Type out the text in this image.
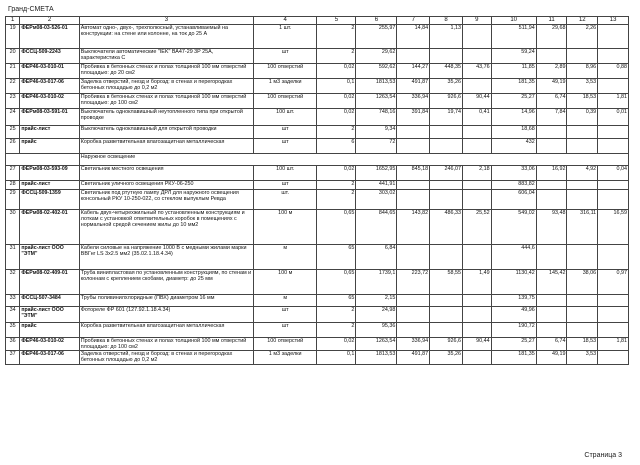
Гранд-СМЕТА
1	2	3	4	5	6	7	8	9	10	11	12	13
19	ФЕРм08-03-526-01	Автомат одно-, двух-, трехполюсный, устанавливаемый на конструкции: на стене или колонне, на ток до 25 А	1 шт.	2	255,97	14,84	1,13		511,94	29,68	2,26	
20	ФССЦ-509-2243	Выключатели автоматические "IEK" ВА47-29 3P 25А, характеристика С	шт	2	29,62				59,24			
21	ФЕР46-03-010-01	Пробивка в бетонных стенах и полах толщиной 100 мм отверстий площадью: до 20 см2	100 отверстий	0,02	592,62	144,27	448,35	43,76	11,85	2,89	8,96	0,88
22	ФЕР46-03-017-06	Заделка отверстий, гнезд и борозд: в стенах и перегородках бетонных площадью до 0,2 м2	1 м3 заделки	0,1	1813,53	491,87	35,26		181,35	49,19	3,53	
23	ФЕР46-03-010-02	Пробивка в бетонных стенах и полах толщиной 100 мм отверстий площадью: до 100 см2	100 отверстий	0,02	1263,54	336,94	926,6	90,44	25,27	6,74	18,53	1,81
24	ФЕРм08-03-591-01	Выключатель одноклавишный неутопленного типа при открытой проводке	100 шт.	0,02	748,16	391,84	19,74	0,41	14,96	7,84	0,39	0,01
25	прайс-лист	Выключатель одноклавишный для открытой проводки	шт	2	9,34				18,68			
26	прайс	Коробка разветвительная влагозащитная металлическая	шт	6	72				432			
		Наружное освещение										
27	ФЕРм08-03-593-09	Светильник местного освещения	100 шт.	0,02	1652,95	845,18	246,07	2,18	33,06	16,92	4,92	0,04
28	прайс-лист	Светильник уличного освещения РКУ-06-250	шт	2	441,91				883,82			
29	ФССЦ-509-1359	Светильник под ртутную лампу ДРЛ для наружного освещения консольный РКУ 10-250-022, со стеклом выпуклым Ревда	шт.	2	303,02				606,04			
30	ФЕРм08-02-402-01	Кабель двух-четырехжильный по установленным конструкциям и лоткам с установкой ответвительных коробок в помещениях с нормальной средой сечением жилы до 10 мм2	100 м	0,65	844,65	143,82	486,33	25,52	549,02	93,48	316,11	16,59
31	прайс-лист ООО "ЭТМ"	Кабели силовые на напряжение 1000 В с медными жилами марки ВВГнг LS 3х2.5 мм2 (35.02.1.18.4.34)	м	65	6,84				444,6			
32	ФЕРм08-02-409-01	Труба винипластовая по установленным конструкциям, по стенам и колоннам с креплением скобами, диаметр: до 25 мм	100 м	0,65	1739,1	223,72	58,55	1,49	1130,42	145,42	38,06	0,97
33	ФССЦ-507-3484	Трубы поливинилхлоридные (ПВХ) диаметром 16 мм	м	65	2,15				139,75			
34	прайс-лист ООО "ЭТМ"	Фотореле ФР 601 (127.92.1.18.4.34)	шт	2	24,98				49,96			
35	прайс	Коробка разветвительная влагозащитная металлическая	шт	2	95,36				190,72			
36	ФЕР46-03-010-02	Пробивка в бетонных стенах и полах толщиной 100 мм отверстий площадью: до 100 см2	100 отверстий	0,02	1263,54	336,94	926,6	90,44	25,27	6,74	18,53	1,81
37	ФЕР46-03-017-06	Заделка отверстий, гнезд и борозд: в стенах и перегородках бетонных площадью до 0,2 м2	1 м3 заделки	0,1	1813,53	491,87	35,26		181,35	49,19	3,53	
Страница 3
